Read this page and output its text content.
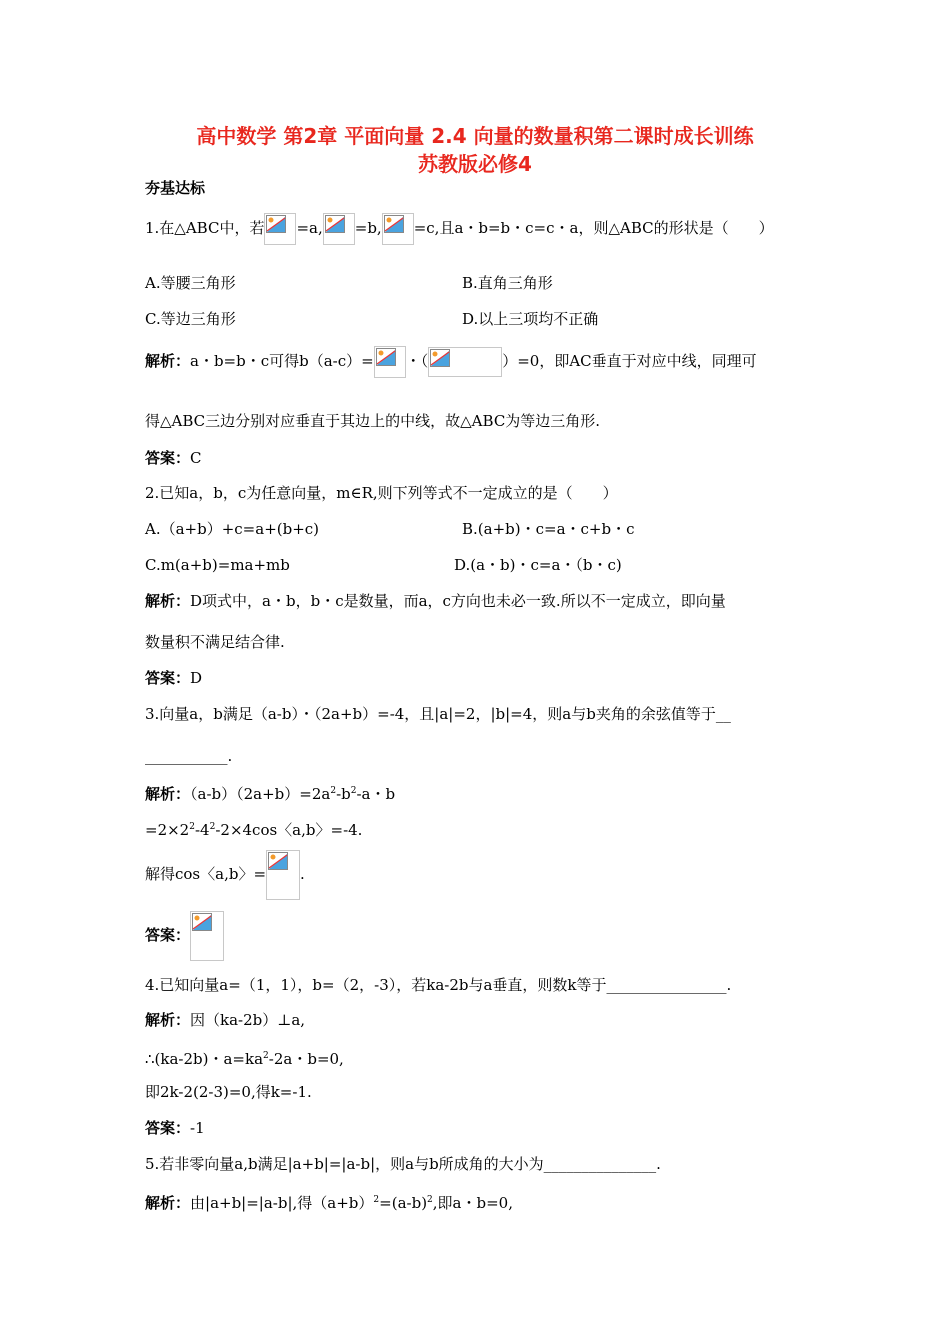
高中数学 第2章 平面向量 2.4 向量的数量积第二课时成长训练
苏教版必修4
夯基达标
1.在△ABC中，若 =a, =b, =c,且a・b=b・c=c・a，则△ABC的形状是（　　）
A.等腰三角形	B.直角三角形
C.等边三角形	D.以上三项均不正确
解析：a・b=b・c可得b（a-c）= ・（	）=0，即AC垂直于对应中线，同理可
得△ABC三边分别对应垂直于其边上的中线，故△ABC为等边三角形.
答案：C
2.已知a，b，c为任意向量，m∈R,则下列等式不一定成立的是（　　）
A.（a+b）+c=a+(b+c)	B.(a+b)・c=a・c+b・c
C.m(a+b)=ma+mb	D.(a・b)・c=a・（b・c)
解析：D项式中，a・b，b・c是数量，而a，c方向也未必一致.所以不一定成立，即向量
数量积不满足结合律.
答案：D
3.向量a，b满足（a-b）・（2a+b）=-4，且|a|=2，|b|=4，则a与b夹角的余弦值等于__
___________.
解析：$(a-b)(2a+b)=2a^2-b^2-a$・b
$=2\times 2^2-4^2-2\times 4\cos$〈a,b〉=-4.
解得cos〈a,b〉= .
答案：
4.已知向量a=（1，1），b=（2，-3），若ka-2b与a垂直，则数k等于________________.
解析：因（ka-2b）⊥a,
∴(ka-2b)・$a=ka^2-2a$・b=0,
即2k-2(2-3)=0,得k=-1.
答案：-1
5.若非零向量a,b满足|a+b|=|a-b|，则a与b所成角的大小为_______________.
解析：由|a+b|=|a-b|,得$(a+b)^2=(a-b)^2$,即a・b=0,
